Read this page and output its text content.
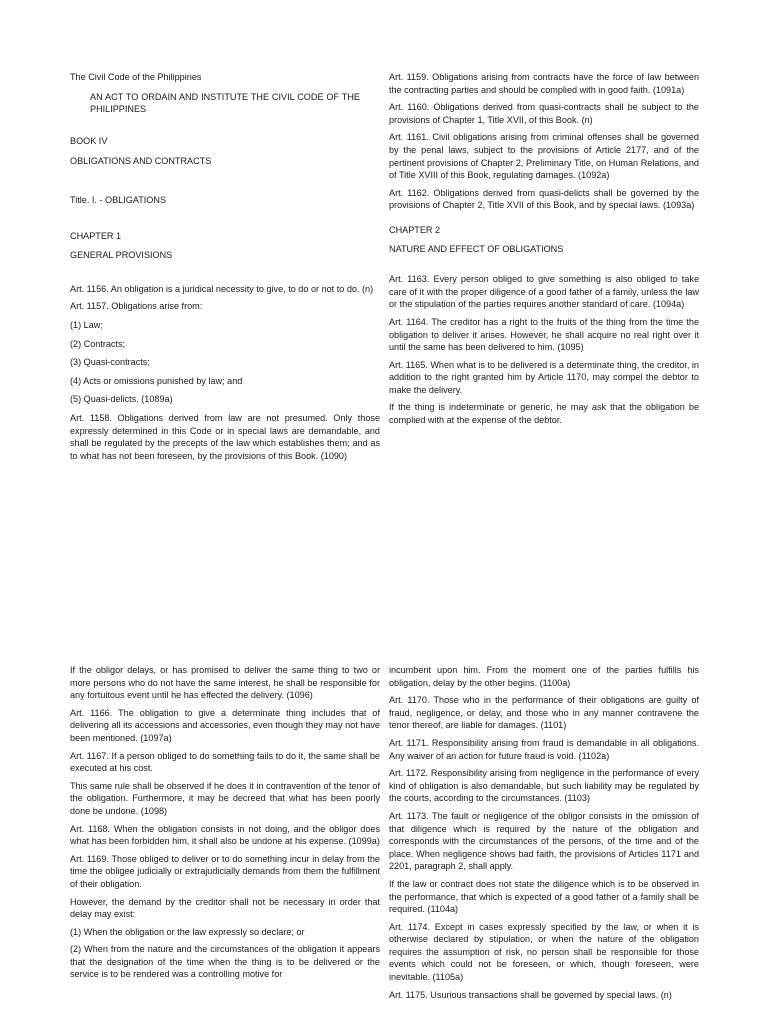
The Civil Code of the Philippines

AN ACT TO ORDAIN AND INSTITUTE THE CIVIL CODE OF THE PHILIPPINES

BOOK IV

OBLIGATIONS AND CONTRACTS

Title. I. - OBLIGATIONS

CHAPTER 1

GENERAL PROVISIONS

Art. 1156. An obligation is a juridical necessity to give, to do or not to do. (n)

Art. 1157. Obligations arise from:

(1) Law;

(2) Contracts;

(3) Quasi-contracts;

(4) Acts or omissions punished by law; and

(5) Quasi-delicts. (1089a)

Art. 1158. Obligations derived from law are not presumed. Only those expressly determined in this Code or in special laws are demandable, and shall be regulated by the precepts of the law which establishes them; and as to what has not been foreseen, by the provisions of this Book. (1090)

Art. 1159. Obligations arising from contracts have the force of law between the contracting parties and should be complied with in good faith. (1091a)

Art. 1160. Obligations derived from quasi-contracts shall be subject to the provisions of Chapter 1, Title XVII, of this Book. (n)

Art. 1161. Civil obligations arising from criminal offenses shall be governed by the penal laws, subject to the provisions of Article 2177, and of the pertinent provisions of Chapter 2, Preliminary Title, on Human Relations, and of Title XVIII of this Book, regulating damages. (1092a)

Art. 1162. Obligations derived from quasi-delicts shall be governed by the provisions of Chapter 2, Title XVII of this Book, and by special laws. (1093a)

CHAPTER 2

NATURE AND EFFECT OF OBLIGATIONS

Art. 1163. Every person obliged to give something is also obliged to take care of it with the proper diligence of a good father of a family, unless the law or the stipulation of the parties requires another standard of care. (1094a)

Art. 1164. The creditor has a right to the fruits of the thing from the time the obligation to deliver it arises. However, he shall acquire no real right over it until the same has been delivered to him. (1095)

Art. 1165. When what is to be delivered is a determinate thing, the creditor, in addition to the right granted him by Article 1170, may compel the debtor to make the delivery.

If the thing is indeterminate or generic, he may ask that the obligation be complied with at the expense of the debtor.

If the obligor delays, or has promised to deliver the same thing to two or more persons who do not have the same interest, he shall be responsible for any fortuitous event until he has effected the delivery. (1096)

Art. 1166. The obligation to give a determinate thing includes that of delivering all its accessions and accessories, even though they may not have been mentioned. (1097a)

Art. 1167. If a person obliged to do something fails to do it, the same shall be executed at his cost.

This same rule shall be observed if he does it in contravention of the tenor of the obligation. Furthermore, it may be decreed that what has been poorly done be undone. (1098)

Art. 1168. When the obligation consists in not doing, and the obligor does what has been forbidden him, it shall also be undone at his expense. (1099a)

Art. 1169. Those obliged to deliver or to do something incur in delay from the time the obligee judicially or extrajudicially demands from them the fulfillment of their obligation.

However, the demand by the creditor shall not be necessary in order that delay may exist:

(1) When the obligation or the law expressly so declare; or

(2) When from the nature and the circumstances of the obligation it appears that the designation of the time when the thing is to be delivered or the service is to be rendered was a controlling motive for

incumbent upon him. From the moment one of the parties fulfills his obligation, delay by the other begins. (1100a)

Art. 1170. Those who in the performance of their obligations are guilty of fraud, negligence, or delay, and those who in any manner contravene the tenor thereof, are liable for damages. (1101)

Art. 1171. Responsibility arising from fraud is demandable in all obligations. Any waiver of an action for future fraud is void. (1102a)

Art. 1172. Responsibility arising from negligence in the performance of every kind of obligation is also demandable, but such liability may be regulated by the courts, according to the circumstances. (1103)

Art. 1173. The fault or negligence of the obligor consists in the omission of that diligence which is required by the nature of the obligation and corresponds with the circumstances of the persons, of the time and of the place. When negligence shows bad faith, the provisions of Articles 1171 and 2201, paragraph 2, shall apply.

If the law or contract does not state the diligence which is to be observed in the performance, that which is expected of a good father of a family shall be required. (1104a)

Art. 1174. Except in cases expressly specified by the law, or when it is otherwise declared by stipulation, or when the nature of the obligation requires the assumption of risk, no person shall be responsible for those events which could not be foreseen, or which, though foreseen, were inevitable. (1105a)

Art. 1175. Usurious transactions shall be governed by special laws. (n)
